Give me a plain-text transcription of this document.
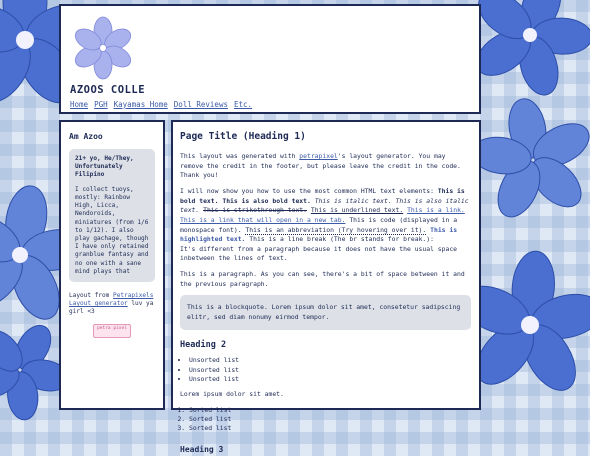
AZOOS COLLE
Home PGH Kayamas Home Doll Reviews Etc.
Am Azoo
21+ yo, He/They, Unfortunately Filipino
I collect tuoys, mostly: Rainbow High, Licca, Nendoroids, miniatures (from 1/6 to 1/12). I also play gachage, though I have only retained granblue fantasy and no one with a sane mind plays that
Layout from Petrapixels Layout generator luv ya girl <3
petra pixel
Page Title (Heading 1)

This layout was generated with petrapixel's layout generator. You may remove the credit in the footer, but please leave the credit in the code. Thank you!

I will now show you how to use the most common HTML text elements: This is bold text. This is also bold text. This is italic text. This is also italic text. This is strikethrough text. This is underlined text. This is a link. This is a link that will open in a new tab. This is code (displayed in a monospace font). This is an abbreviation (Try hovering over it). This is highlighted text. This is a line break (The br stands for break.):
It's different from a paragraph because it does not have the usual space inbetween the lines of text.

This is a paragraph. As you can see, there's a bit of space between it and the previous paragraph.

This is a blockquote. Lorem ipsum dolor sit amet, consetetur sadipscing elitr, sed diam nonumy eirmod tempor.
Heading 2
• Unsorted list
• Unsorted list
• Unsorted list

Lorem ipsum dolor sit amet.

1. Sorted list
2. Sorted list
3. Sorted list
Heading 3
